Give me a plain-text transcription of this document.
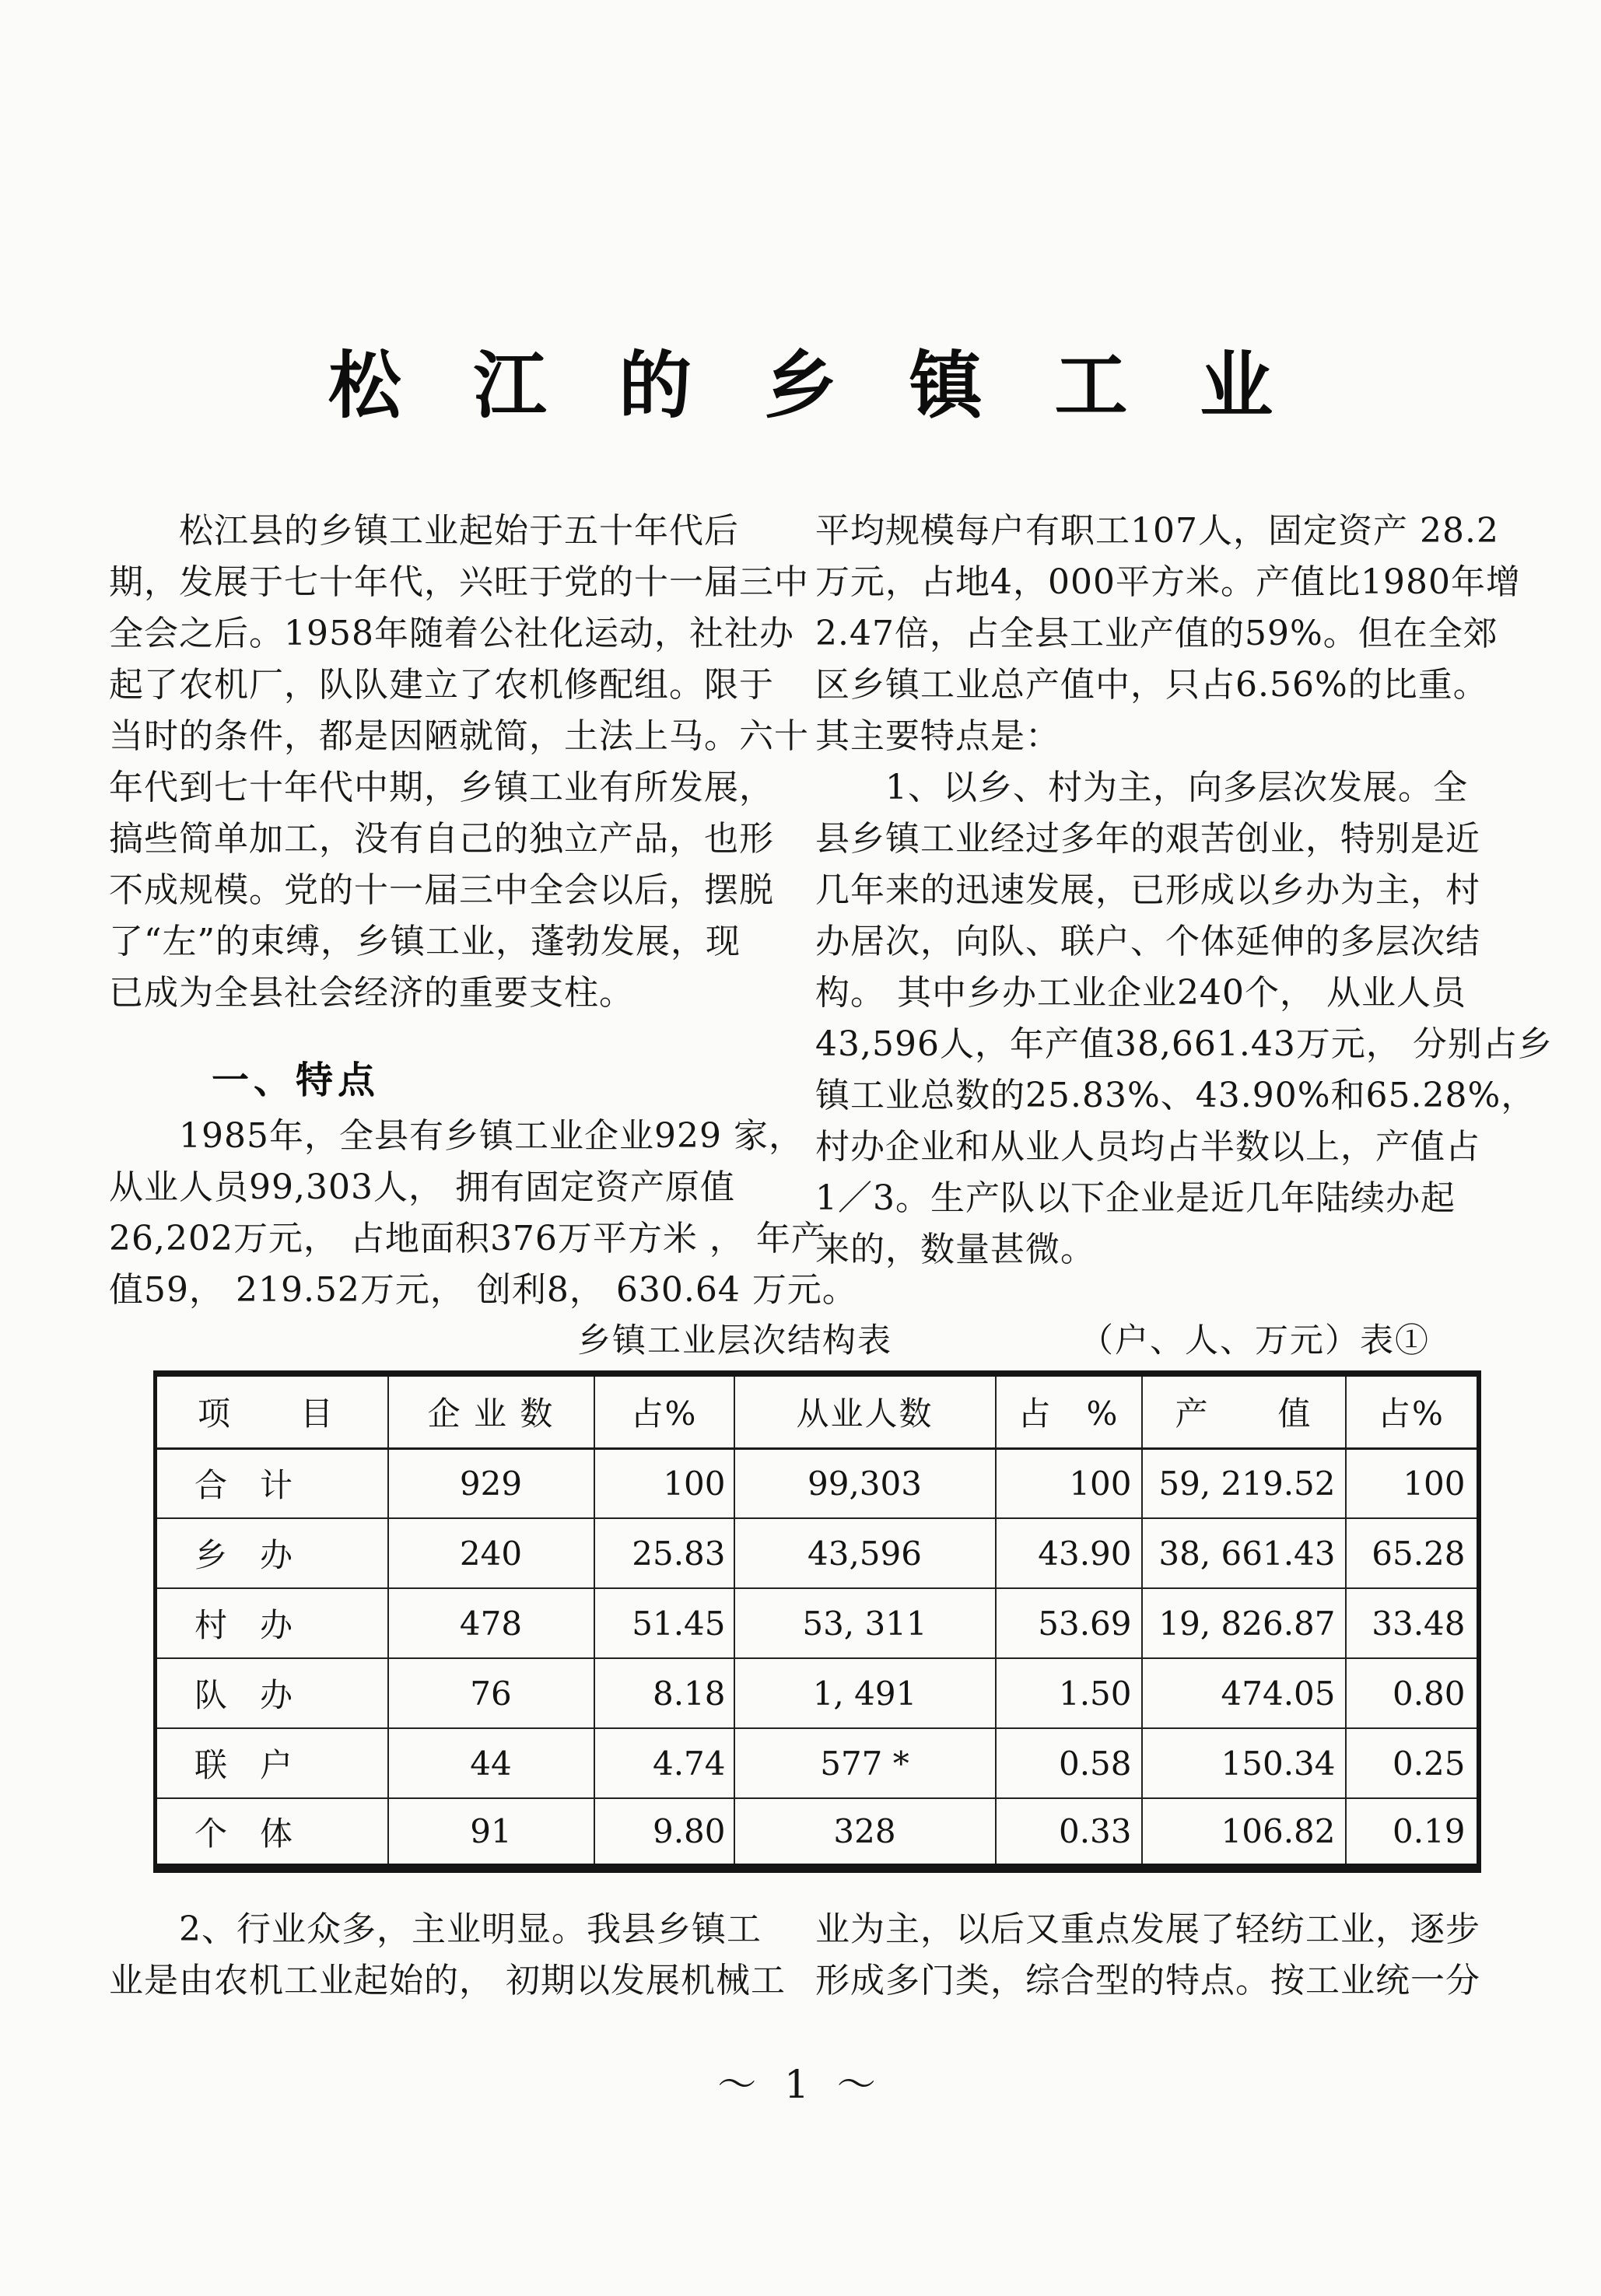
松 江 的 乡 镇 工 业
　　松江县的乡镇工业起始于五十年代后
期，发展于七十年代，兴旺于党的十一届三中
全会之后。1958年随着公社化运动，社社办
起了农机厂，队队建立了农机修配组。限于
当时的条件，都是因陋就简，土法上马。六十
年代到七十年代中期，乡镇工业有所发展，
搞些简单加工，没有自己的独立产品，也形
不成规模。党的十一届三中全会以后，摆脱
了“左”的束缚，乡镇工业，蓬勃发展，现
已成为全县社会经济的重要支柱。
平均规模每户有职工107人，固定资产 28.2
万元，占地4，000平方米。产值比1980年增
2.47倍，占全县工业产值的59%。但在全郊
区乡镇工业总产值中，只占6.56%的比重。
其主要特点是：
　　1、以乡、村为主，向多层次发展。全
县乡镇工业经过多年的艰苦创业，特别是近
几年来的迅速发展，已形成以乡办为主，村
办居次，向队、联户、个体延伸的多层次结
构。 其中乡办工业企业240个， 从业人员
43,596人，年产值38,661.43万元， 分别占乡
镇工业总数的25.83%、43.90%和65.28%，
村办企业和从业人员均占半数以上，产值占
1／3。生产队以下企业是近几年陆续办起
来的，数量甚微。
一、特点
　　1985年，全县有乡镇工业企业929 家，
从业人员99,303人， 拥有固定资产原值
26,202万元， 占地面积376万平方米 ， 年产
值59， 219.52万元， 创利8， 630.64 万元。
乡镇工业层次结构表	（户、人、万元）表①
项　　目	企 业 数	占%	从业人数	占　%	产　　值	占%
合　计	929	100	99,303	100	59, 219.52	100
乡　办	240	25.83	43,596	43.90	38, 661.43	65.28
村　办	478	51.45	53, 311	53.69	19, 826.87	33.48
队　办	76	8.18	1, 491	1.50	474.05	0.80
联　户	44	4.74	577 *	0.58	150.34	0.25
个　体	91	9.80	328	0.33	106.82	0.19
　　2、行业众多，主业明显。我县乡镇工
业是由农机工业起始的， 初期以发展机械工
业为主，以后又重点发展了轻纺工业，逐步
形成多门类，综合型的特点。按工业统一分
～ 1 ～
